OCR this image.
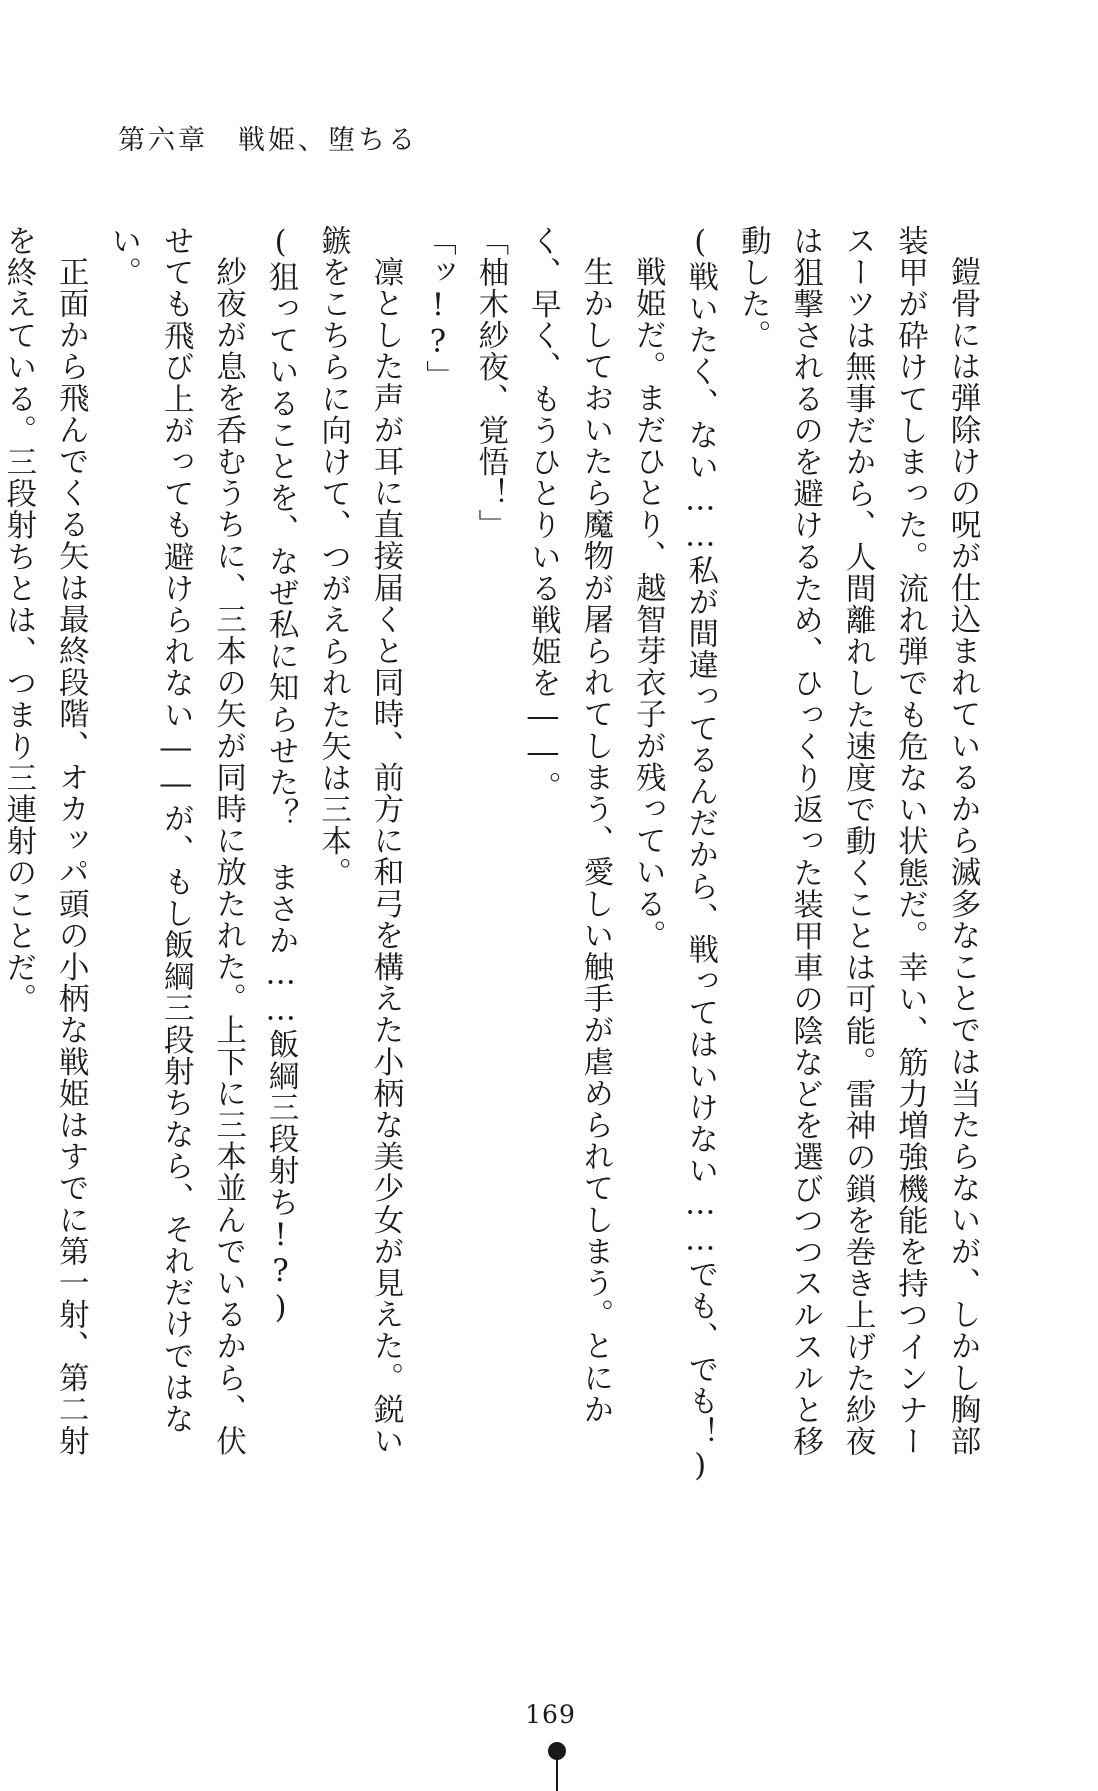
第六章　戦姫、堕ちる

鎧骨には弾除けの呪が仕込まれているから滅多なことでは当たらないが、しかし胸部装甲が砕けてしまった。流れ弾でも危ない状態だ。幸い、筋力増強機能を持つインナースーツは無事だから、人間離れした速度で動くことは可能。雷神の鎖を巻き上げた紗夜は狙撃されるのを避けるため、ひっくり返った装甲車の陰などを選びつつスルスルと移動した。

(戦いたく、ない……私が間違ってるんだから、戦ってはいけない……でも、でも！)

戦姫だ。まだひとり、越智芽衣子が残っている。

生かしておいたら魔物が屠られてしまう、愛しい触手が虐められてしまう。とにかく、早く、もうひとりいる戦姫を――。

「柚木紗夜、覚悟！」

「ッ!?」

凛とした声が耳に直接届くと同時、前方に和弓を構えた小柄な美少女が見えた。鋭い鏃をこちらに向けて、つがえられた矢は三本。

(狙っていることを、なぜ私に知らせた？　まさか……飯綱三段射ち!?)

紗夜が息を呑むうちに、三本の矢が同時に放たれた。上下に三本並んでいるから、伏せても飛び上がっても避けられない――が、もし飯綱三段射ちなら、それだけではない。

正面から飛んでくる矢は最終段階、オカッパ頭の小柄な戦姫はすでに第一射、第二射を終えている。三段射ちとは、つまり三連射のことだ。

169
